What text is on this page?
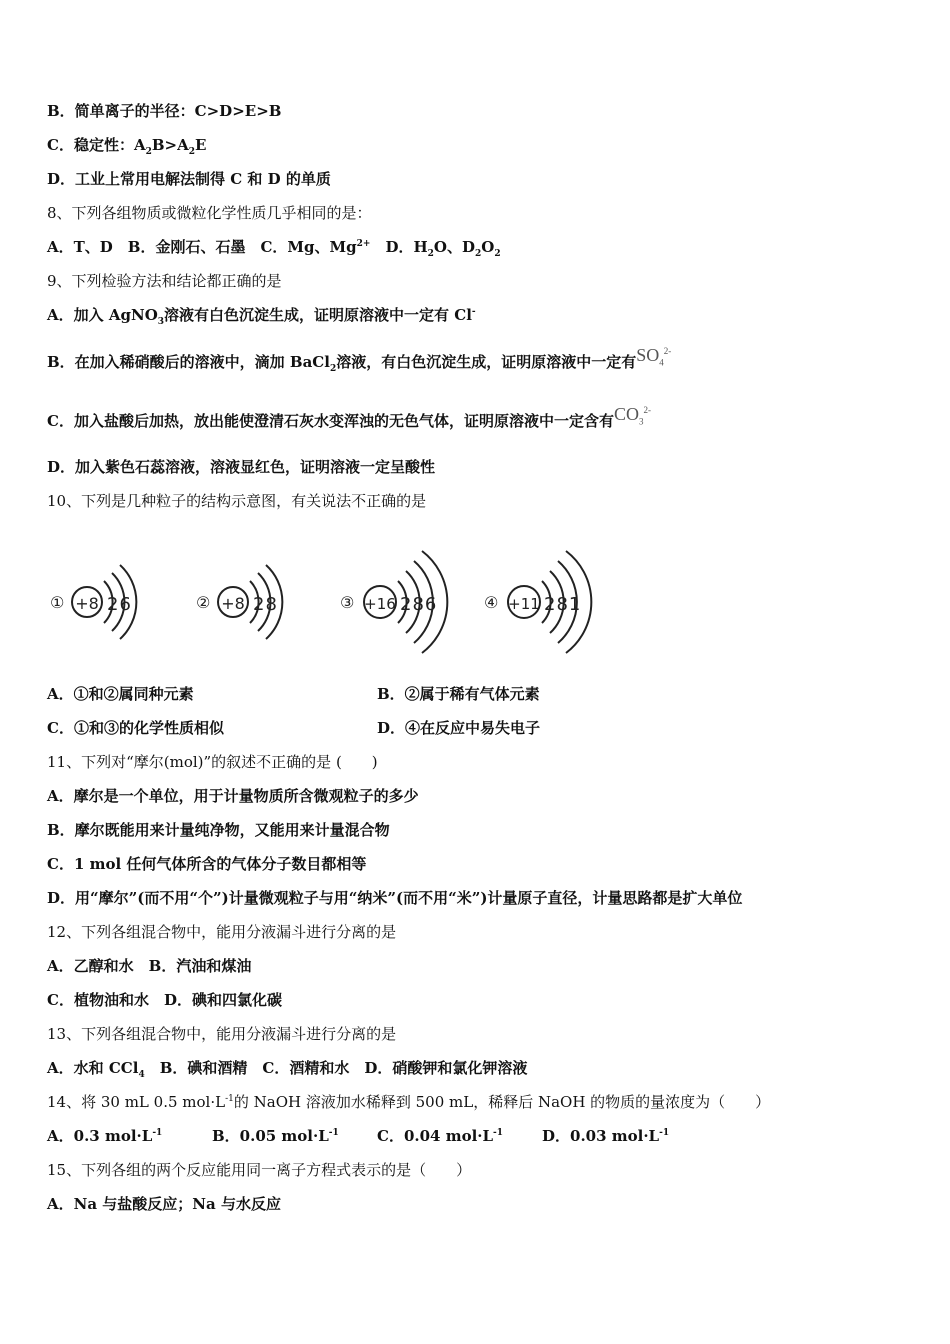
B．简单离子的半径：C>D>E>B
C．稳定性：$A_2B>A_2E$
D．工业上常用电解法制得 C 和 D 的单质
8、下列各组物质或微粒化学性质几乎相同的是：
A．T、D　B．金刚石、石墨　C．Mg、$Mg^{2+}$　D．$H_2O$、$D_2O_2$
9、下列检验方法和结论都正确的是
A．加入 AgNO$_3$溶液有白色沉淀生成，证明原溶液中一定有 Cl-
B．在加入稀硝酸后的溶液中，滴加 BaCl$_2$溶液，有白色沉淀生成，证明原溶液中一定有$SO_4^{2-}$
C．加入盐酸后加热，放出能使澄清石灰水变浑浊的无色气体，证明原溶液中一定含有$CO_3^{2-}$
D．加入紫色石蕊溶液，溶液显红色，证明溶液一定呈酸性
10、下列是几种粒子的结构示意图，有关说法不正确的是
① +8 26	② +8 28	③ +16 286	④ +11 281
A．①和②属同种元素	B．②属于稀有气体元素
C．①和③的化学性质相似	D．④在反应中易失电子
11、下列对“摩尔(mol)”的叙述不正确的是 (　　)
A．摩尔是一个单位，用于计量物质所含微观粒子的多少
B．摩尔既能用来计量纯净物，又能用来计量混合物
C．1 mol 任何气体所含的气体分子数目都相等
D．用“摩尔”(而不用“个”)计量微观粒子与用“纳米”(而不用“米”)计量原子直径，计量思路都是扩大单位
12、下列各组混合物中，能用分液漏斗进行分离的是
A．乙醇和水　B．汽油和煤油
C．植物油和水　D．碘和四氯化碳
13、下列各组混合物中，能用分液漏斗进行分离的是
A．水和 CCl$_4$　B．碘和酒精　C．酒精和水　D．硝酸钾和氯化钾溶液
14、将 30 mL 0.5 $mol\cdot L^{-1}$的 NaOH 溶液加水稀释到 500 mL，稀释后 NaOH 的物质的量浓度为（　　）
A．0.3 $mol\cdot L^{-1}$	B．0.05 $mol\cdot L^{-1}$	C．0.04 $mol\cdot L^{-1}$	D．0.03 $mol\cdot L^{-1}$
15、下列各组的两个反应能用同一离子方程式表示的是（　　）
A．Na 与盐酸反应；Na 与水反应
